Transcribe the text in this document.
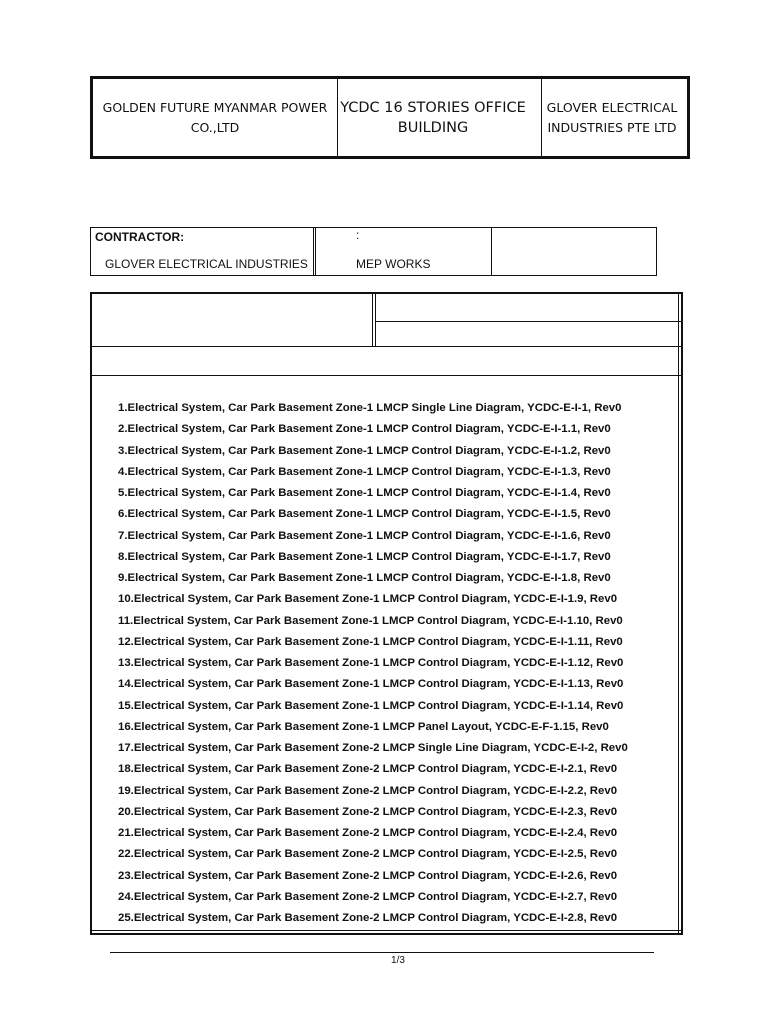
GOLDEN FUTURE MYANMAR POWER CO.,LTD
YCDC 16 STORIES OFFICE BUILDING
GLOVER ELECTRICAL INDUSTRIES PTE LTD
CONTRACTOR:
GLOVER ELECTRICAL INDUSTRIES
:
MEP WORKS
1.Electrical System, Car Park Basement Zone-1 LMCP Single Line Diagram, YCDC-E-I-1, Rev0
2.Electrical System, Car Park Basement Zone-1 LMCP Control Diagram, YCDC-E-I-1.1, Rev0
3.Electrical System, Car Park Basement Zone-1 LMCP Control Diagram, YCDC-E-I-1.2, Rev0
4.Electrical System, Car Park Basement Zone-1 LMCP Control Diagram, YCDC-E-I-1.3, Rev0
5.Electrical System, Car Park Basement Zone-1 LMCP Control Diagram, YCDC-E-I-1.4, Rev0
6.Electrical System, Car Park Basement Zone-1 LMCP Control Diagram, YCDC-E-I-1.5, Rev0
7.Electrical System, Car Park Basement Zone-1 LMCP Control Diagram, YCDC-E-I-1.6, Rev0
8.Electrical System, Car Park Basement Zone-1 LMCP Control Diagram, YCDC-E-I-1.7, Rev0
9.Electrical System, Car Park Basement Zone-1 LMCP Control Diagram, YCDC-E-I-1.8, Rev0
10.Electrical System, Car Park Basement Zone-1 LMCP Control Diagram, YCDC-E-I-1.9, Rev0
11.Electrical System, Car Park Basement Zone-1 LMCP Control Diagram, YCDC-E-I-1.10, Rev0
12.Electrical System, Car Park Basement Zone-1 LMCP Control Diagram, YCDC-E-I-1.11, Rev0
13.Electrical System, Car Park Basement Zone-1 LMCP Control Diagram, YCDC-E-I-1.12, Rev0
14.Electrical System, Car Park Basement Zone-1 LMCP Control Diagram, YCDC-E-I-1.13, Rev0
15.Electrical System, Car Park Basement Zone-1 LMCP Control Diagram, YCDC-E-I-1.14, Rev0
16.Electrical System, Car Park Basement Zone-1 LMCP Panel Layout, YCDC-E-F-1.15, Rev0
17.Electrical System, Car Park Basement Zone-2 LMCP Single Line Diagram, YCDC-E-I-2, Rev0
18.Electrical System, Car Park Basement Zone-2 LMCP Control Diagram, YCDC-E-I-2.1, Rev0
19.Electrical System, Car Park Basement Zone-2 LMCP Control Diagram, YCDC-E-I-2.2, Rev0
20.Electrical System, Car Park Basement Zone-2 LMCP Control Diagram, YCDC-E-I-2.3, Rev0
21.Electrical System, Car Park Basement Zone-2 LMCP Control Diagram, YCDC-E-I-2.4, Rev0
22.Electrical System, Car Park Basement Zone-2 LMCP Control Diagram, YCDC-E-I-2.5, Rev0
23.Electrical System, Car Park Basement Zone-2 LMCP Control Diagram, YCDC-E-I-2.6, Rev0
24.Electrical System, Car Park Basement Zone-2 LMCP Control Diagram, YCDC-E-I-2.7, Rev0
25.Electrical System, Car Park Basement Zone-2 LMCP Control Diagram, YCDC-E-I-2.8, Rev0
1/3
